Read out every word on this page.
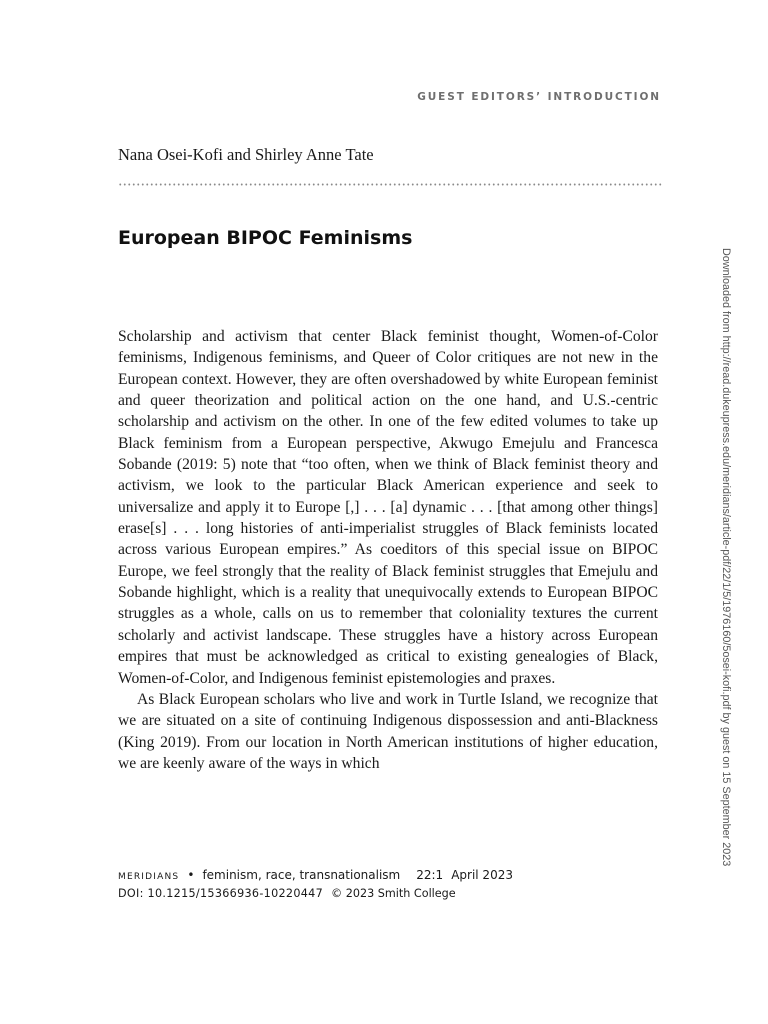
GUEST EDITORS’ INTRODUCTION
Nana Osei-Kofi and Shirley Anne Tate
European BIPOC Feminisms

Scholarship and activism that center Black feminist thought, Women-of-Color feminisms, Indigenous feminisms, and Queer of Color critiques are not new in the European context. However, they are often overshadowed by white European feminist and queer theorization and political action on the one hand, and U.S.-centric scholarship and activism on the other. In one of the few edited volumes to take up Black feminism from a European perspective, Akwugo Emejulu and Francesca Sobande (2019: 5) note that “too often, when we think of Black feminist theory and activism, we look to the particular Black American experience and seek to universalize and apply it to Europe [,] . . . [a] dynamic . . . [that among other things] erase[s] . . . long histories of anti-imperialist struggles of Black feminists located across various European empires.” As coeditors of this special issue on BIPOC Europe, we feel strongly that the reality of Black feminist struggles that Emejulu and Sobande highlight, which is a reality that unequivocally extends to European BIPOC struggles as a whole, calls on us to remember that coloniality textures the current scholarly and activist landscape. These struggles have a history across European empires that must be acknowledged as critical to existing genealogies of Black, Women-of-Color, and Indigenous feminist epistemologies and praxes.

As Black European scholars who live and work in Turtle Island, we recognize that we are situated on a site of continuing Indigenous dispossession and anti-Blackness (King 2019). From our location in North American institutions of higher education, we are keenly aware of the ways in which

meridians • feminism, race, transnationalism 22:1 April 2023
DOI: 10.1215/15366936-10220447 © 2023 Smith College
Downloaded from http://read.dukeupress.edu/meridians/article-pdf/22/1/5/1976160/5osei-kofi.pdf by guest on 15 September 2023
